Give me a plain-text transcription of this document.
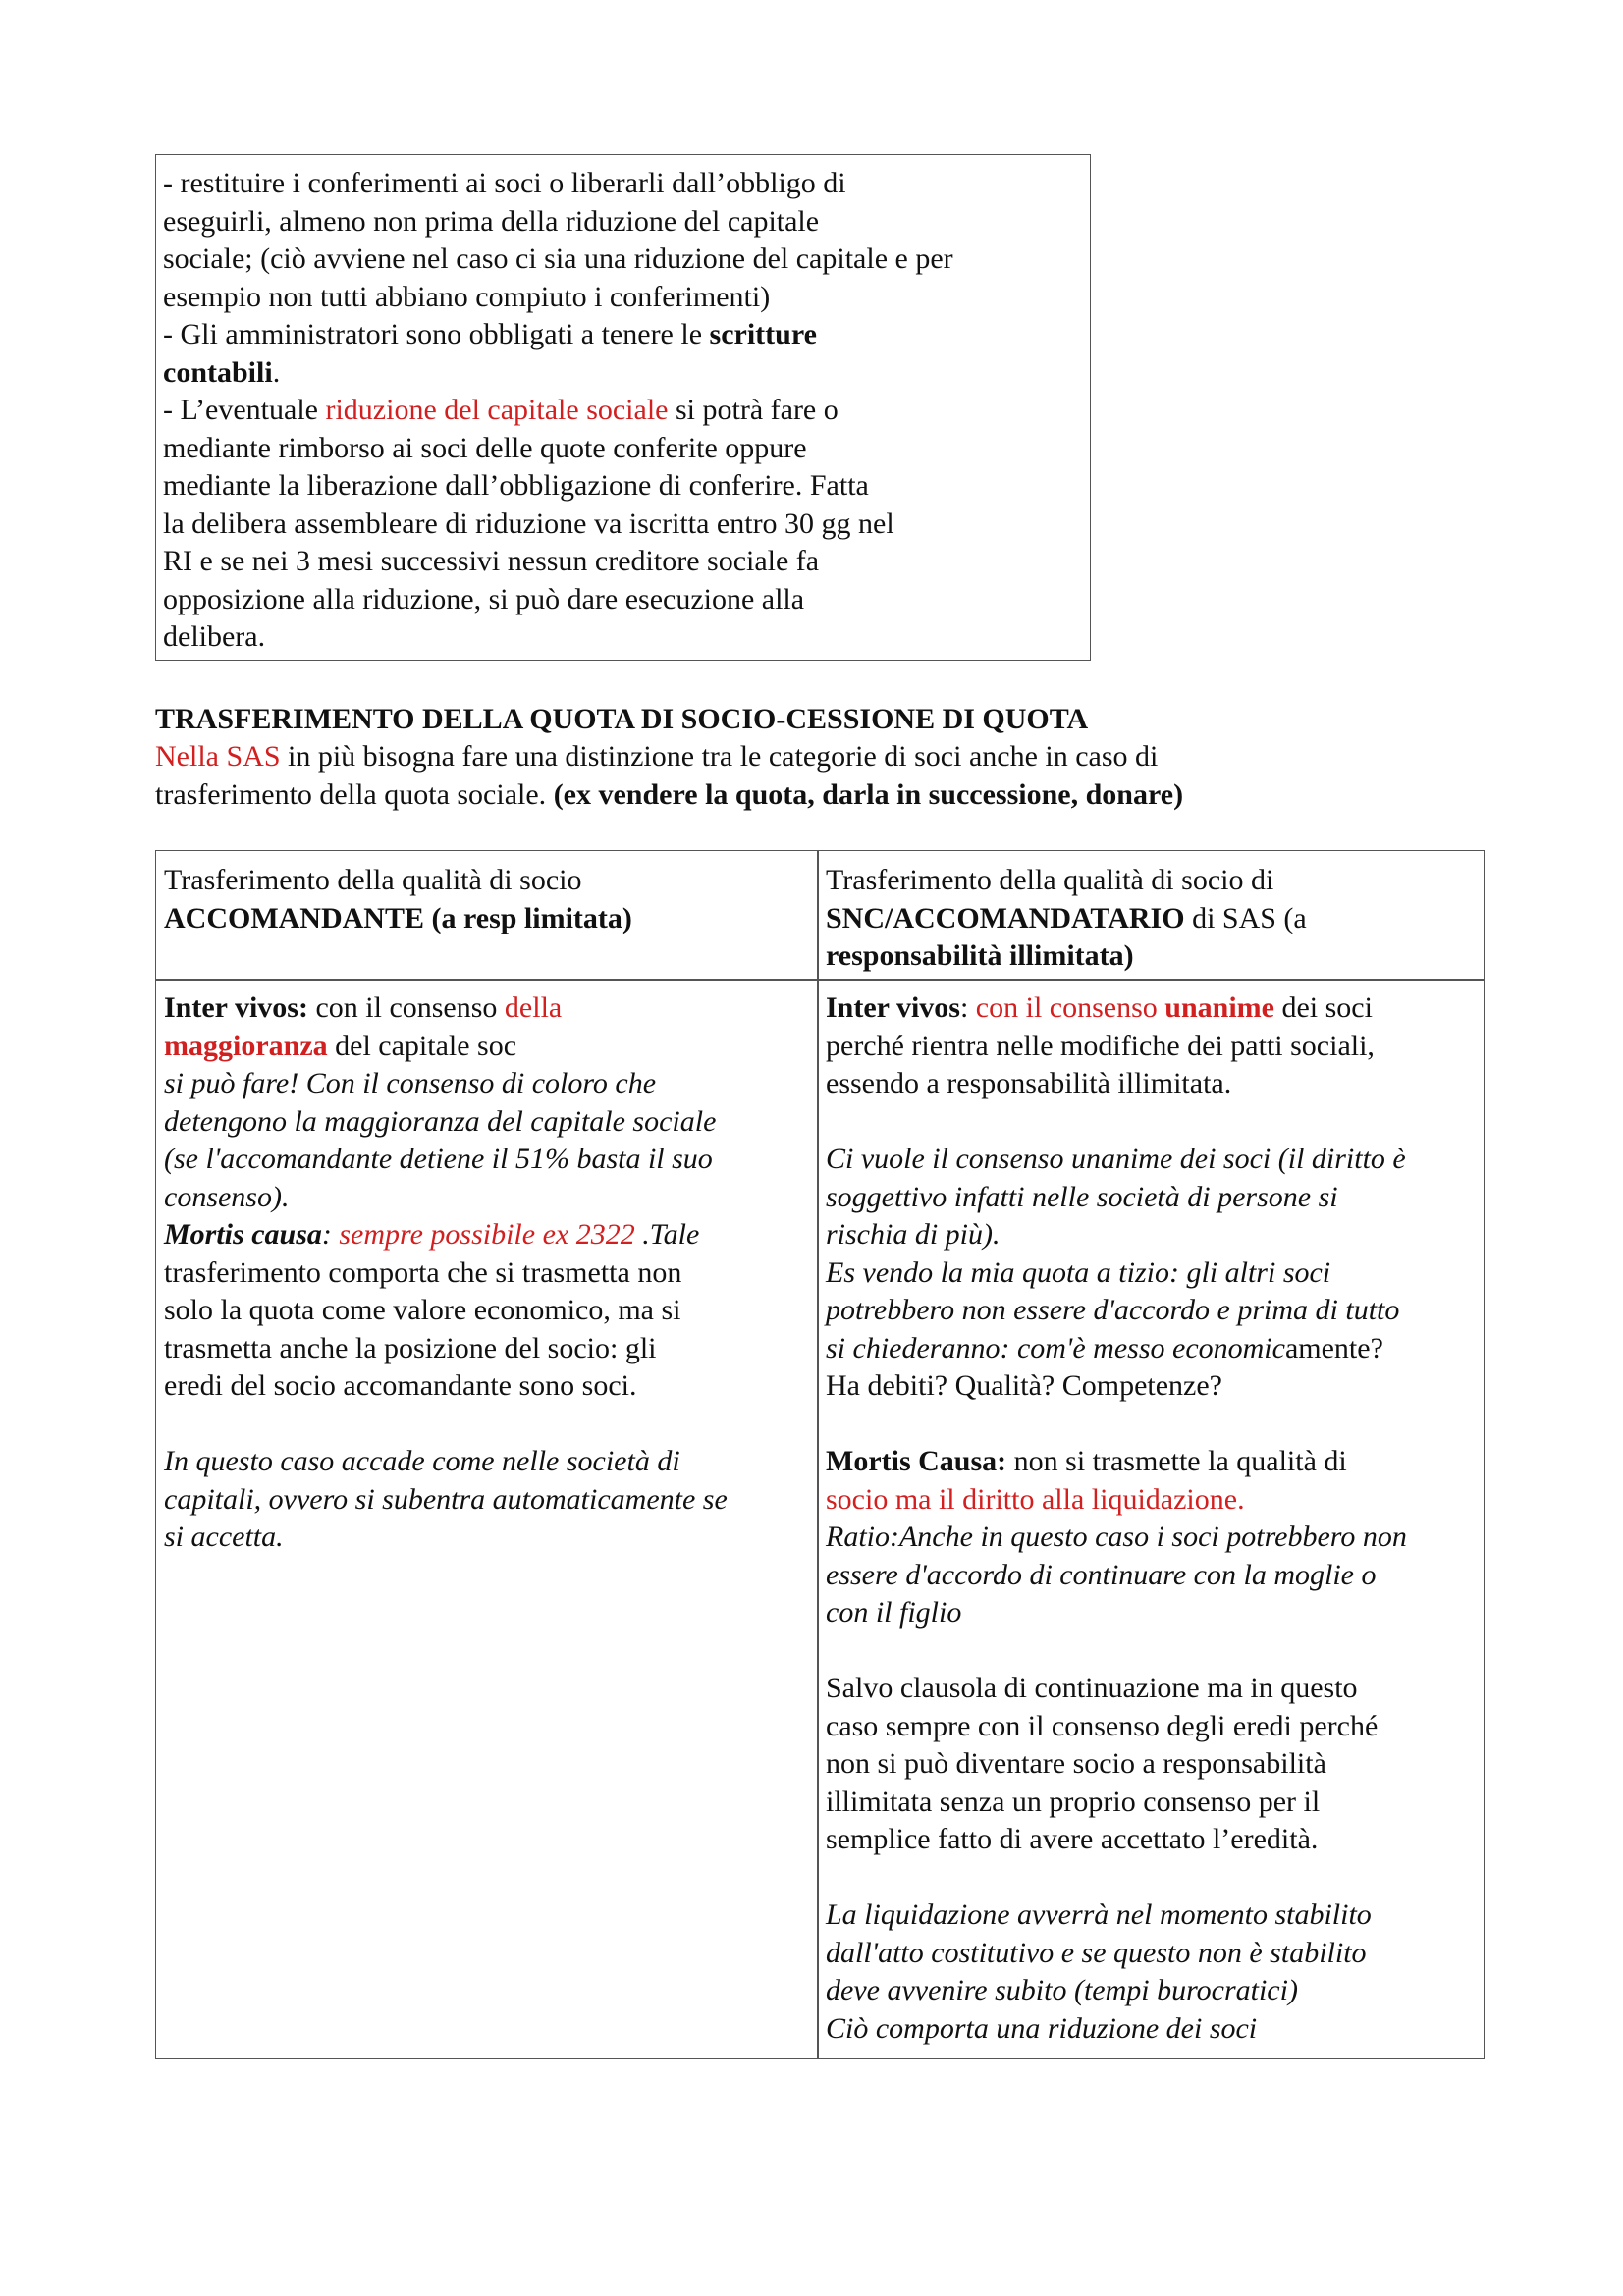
- restituire i conferimenti ai soci o liberarli dall’obbligo di
eseguirli, almeno non prima della riduzione del capitale
sociale; (ciò avviene nel caso ci sia una riduzione del capitale e per
esempio non tutti abbiano compiuto i conferimenti)
- Gli amministratori sono obbligati a tenere le scritture
contabili.
- L’eventuale riduzione del capitale sociale si potrà fare o
mediante rimborso ai soci delle quote conferite oppure
mediante la liberazione dall’obbligazione di conferire. Fatta
la delibera assembleare di riduzione va iscritta entro 30 gg nel
RI e se nei 3 mesi successivi nessun creditore sociale fa
opposizione alla riduzione, si può dare esecuzione alla
delibera.
TRASFERIMENTO DELLA QUOTA DI SOCIO-CESSIONE DI QUOTA
Nella SAS in più bisogna fare una distinzione tra le categorie di soci anche in caso di
trasferimento della quota sociale. (ex vendere la quota, darla in successione, donare)
Trasferimento della qualità di socio
ACCOMANDANTE (a resp limitata)
Trasferimento della qualità di socio di
SNC/ACCOMANDATARIO di SAS (a
responsabilità illimitata)
Inter vivos: con il consenso della
maggioranza del capitale soc
si può fare! Con il consenso di coloro che
detengono la maggioranza del capitale sociale
(se l'accomandante detiene il 51% basta il suo
consenso).
Mortis causa: sempre possibile ex 2322 .Tale
trasferimento comporta che si trasmetta non
solo la quota come valore economico, ma si
trasmetta anche la posizione del socio: gli
eredi del socio accomandante sono soci.
In questo caso accade come nelle società di
capitali, ovvero si subentra automaticamente se
si accetta.
Inter vivos: con il consenso unanime dei soci
perché rientra nelle modifiche dei patti sociali,
essendo a responsabilità illimitata.
Ci vuole il consenso unanime dei soci (il diritto è
soggettivo infatti nelle società di persone si
rischia di più).
Es vendo la mia quota a tizio: gli altri soci
potrebbero non essere d'accordo e prima di tutto
si chiederanno: com'è messo economicamente?
Ha debiti? Qualità? Competenze?
Mortis Causa: non si trasmette la qualità di
socio ma il diritto alla liquidazione.
Ratio:Anche in questo caso i soci potrebbero non
essere d'accordo di continuare con la moglie o
con il figlio
Salvo clausola di continuazione ma in questo
caso sempre con il consenso degli eredi perché
non si può diventare socio a responsabilità
illimitata senza un proprio consenso per il
semplice fatto di avere accettato l’eredità.
La liquidazione avverrà nel momento stabilito
dall'atto costitutivo e se questo non è stabilito
deve avvenire subito (tempi burocratici)
Ciò comporta una riduzione dei soci
